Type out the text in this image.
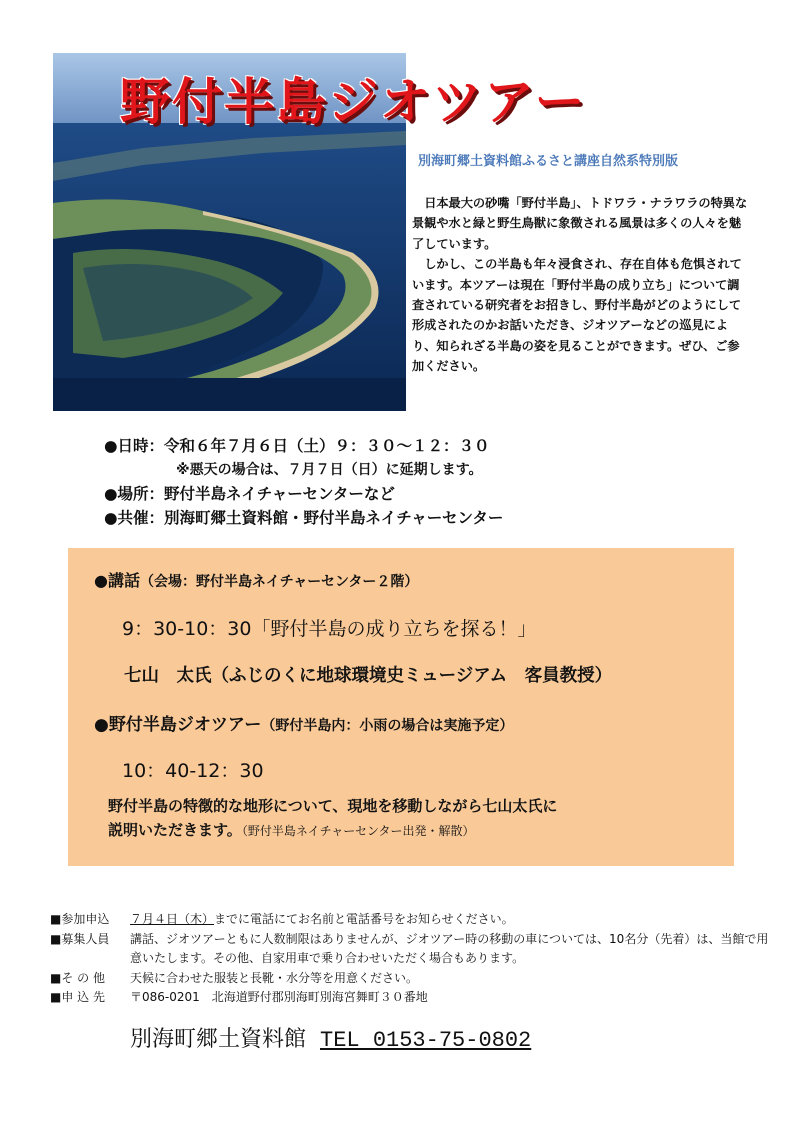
野付半島ジオツアー
別海町郷土資料館ふるさと講座自然系特別版

日本最大の砂嘴「野付半島」、トドワラ・ナラワラの特異な景観や水と緑と野生鳥獣に象徴される風景は多くの人々を魅了しています。

しかし、この半島も年々浸食され、存在自体も危惧されています。本ツアーは現在「野付半島の成り立ち」について調査されている研究者をお招きし、野付半島がどのようにして形成されたのかお話いただき、ジオツアーなどの巡見により、知られざる半島の姿を見ることができます。ぜひ、ご参加ください。

●日時：令和６年７月６日（土）９：３０～１２：３０
※悪天の場合は、７月７日（日）に延期します。
●場所：野付半島ネイチャーセンターなど
●共催：別海町郷土資料館・野付半島ネイチャーセンター
●講話（会場：野付半島ネイチャーセンター２階）
9：30-10：30「野付半島の成り立ちを探る！」
七山　太氏（ふじのくに地球環境史ミュージアム　客員教授）
●野付半島ジオツアー（野付半島内：小雨の場合は実施予定）
10：40-12：30
野付半島の特徴的な地形について、現地を移動しながら七山太氏に
説明いただきます。（野付半島ネイチャーセンター出発・解散）
■参加申込	７月４日（木）までに電話にてお名前と電話番号をお知らせください。
■募集人員	講話、ジオツアーともに人数制限はありませんが、ジオツアー時の移動の車については、10名分（先着）は、当館で用意いたします。その他、自家用車で乗り合わせいただく場合もあります。
■そ の 他	天候に合わせた服装と長靴・水分等を用意ください。
■申 込 先	〒086-0201　北海道野付郡別海町別海宮舞町３０番地
別海町郷土資料館 TEL 0153-75-0802
